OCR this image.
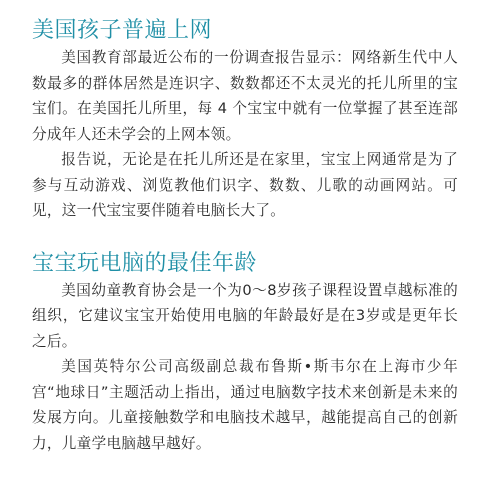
美国孩子普遍上网

美国教育部最近公布的一份调查报告显示：网络新生代中人数最多的群体居然是连识字、数数都还不太灵光的托儿所里的宝宝们。在美国托儿所里，每 4 个宝宝中就有一位掌握了甚至连部分成年人还未学会的上网本领。

报告说，无论是在托儿所还是在家里，宝宝上网通常是为了参与互动游戏、浏览教他们识字、数数、儿歌的动画网站。可见，这一代宝宝要伴随着电脑长大了。

宝宝玩电脑的最佳年龄

美国幼童教育协会是一个为0～8岁孩子课程设置卓越标准的组织，它建议宝宝开始使用电脑的年龄最好是在3岁或是更年长之后。

美国英特尔公司高级副总裁布鲁斯•斯韦尔在上海市少年宫“地球日”主题活动上指出，通过电脑数字技术来创新是未来的发展方向。儿童接触数学和电脑技术越早，越能提高自己的创新力，儿童学电脑越早越好。
